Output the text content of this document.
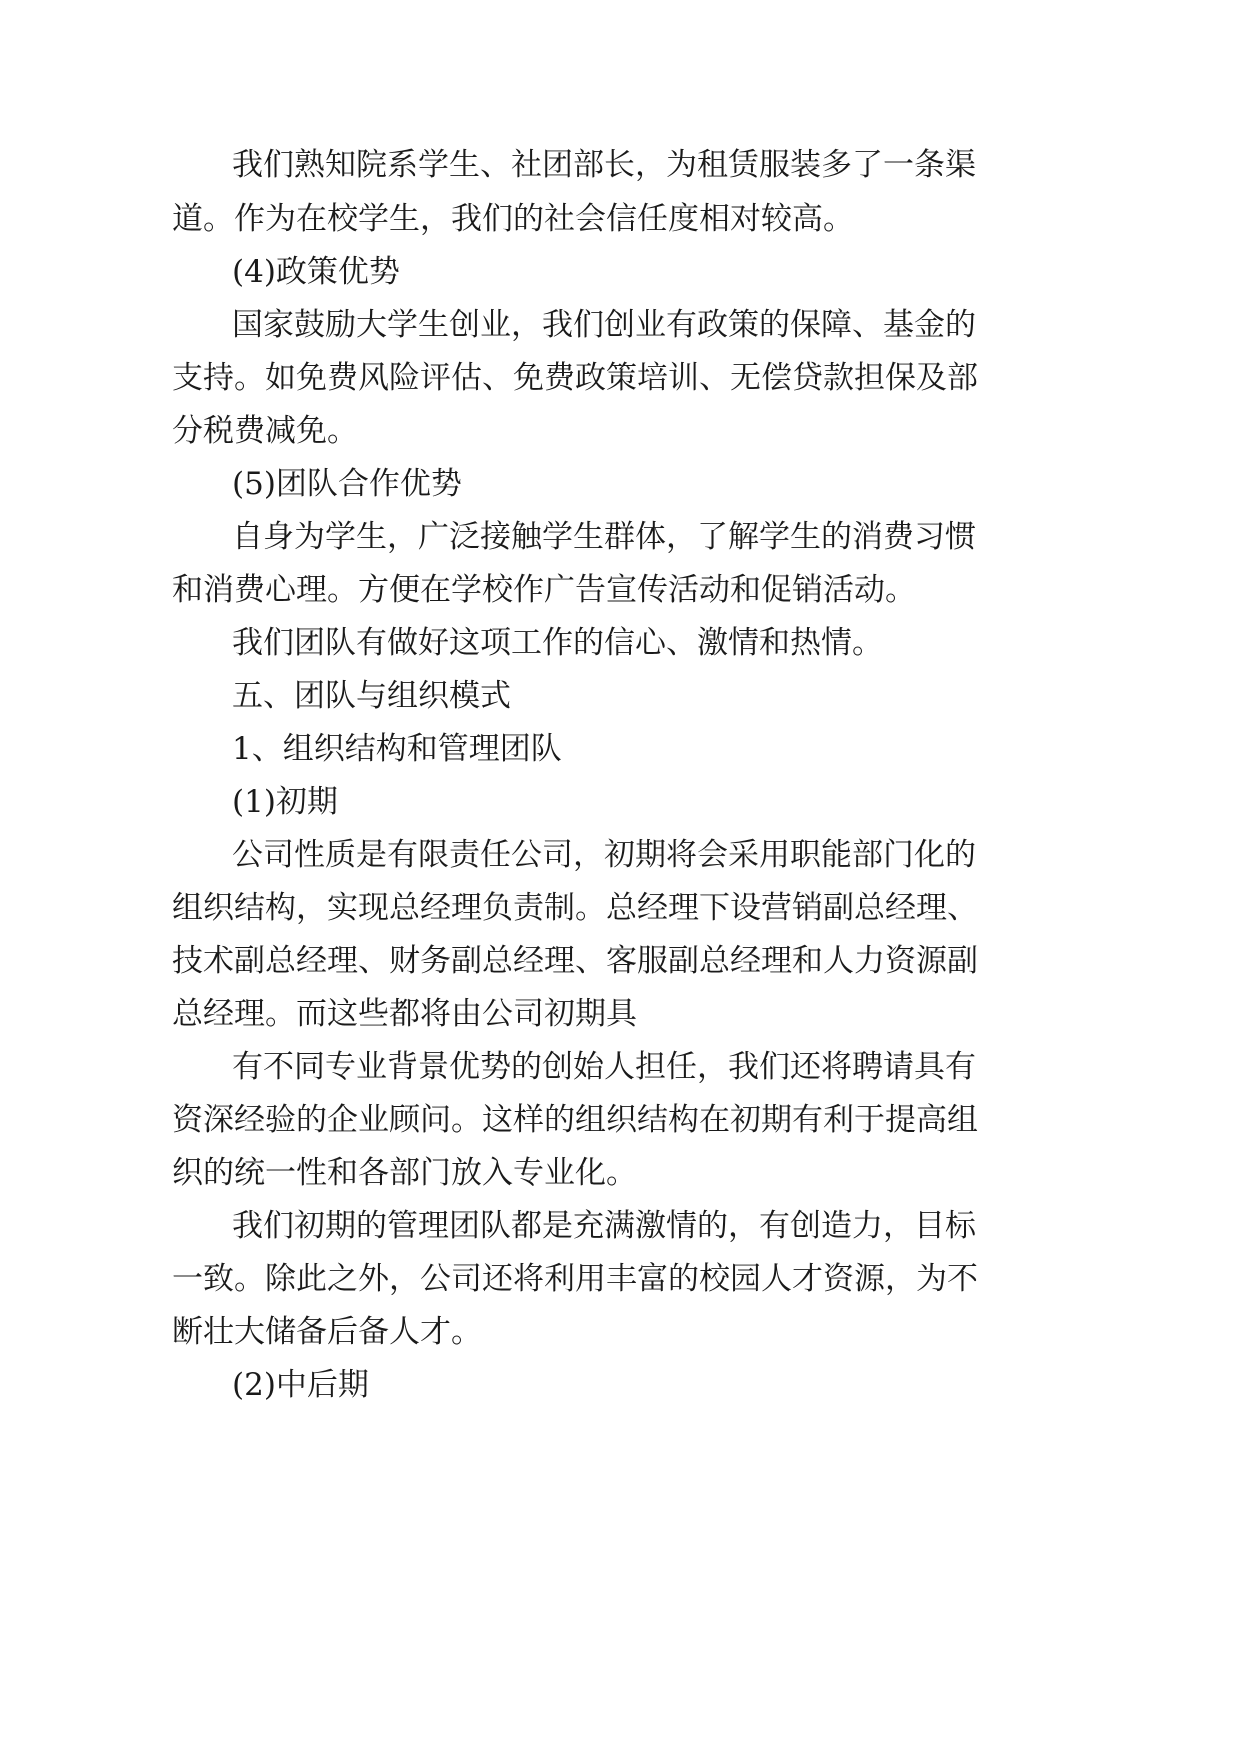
我们熟知院系学生、社团部长，为租赁服装多了一条渠

道。作为在校学生，我们的社会信任度相对较高。

(4)政策优势

国家鼓励大学生创业，我们创业有政策的保障、基金的

支持。如免费风险评估、免费政策培训、无偿贷款担保及部

分税费减免。

(5)团队合作优势

自身为学生，广泛接触学生群体，了解学生的消费习惯

和消费心理。方便在学校作广告宣传活动和促销活动。

我们团队有做好这项工作的信心、激情和热情。

五、团队与组织模式

1、组织结构和管理团队

(1)初期

公司性质是有限责任公司，初期将会采用职能部门化的

组织结构，实现总经理负责制。总经理下设营销副总经理、

技术副总经理、财务副总经理、客服副总经理和人力资源副

总经理。而这些都将由公司初期具

有不同专业背景优势的创始人担任，我们还将聘请具有

资深经验的企业顾问。这样的组织结构在初期有利于提高组

织的统一性和各部门放入专业化。

我们初期的管理团队都是充满激情的，有创造力，目标

一致。除此之外，公司还将利用丰富的校园人才资源，为不

断壮大储备后备人才。

(2)中后期
